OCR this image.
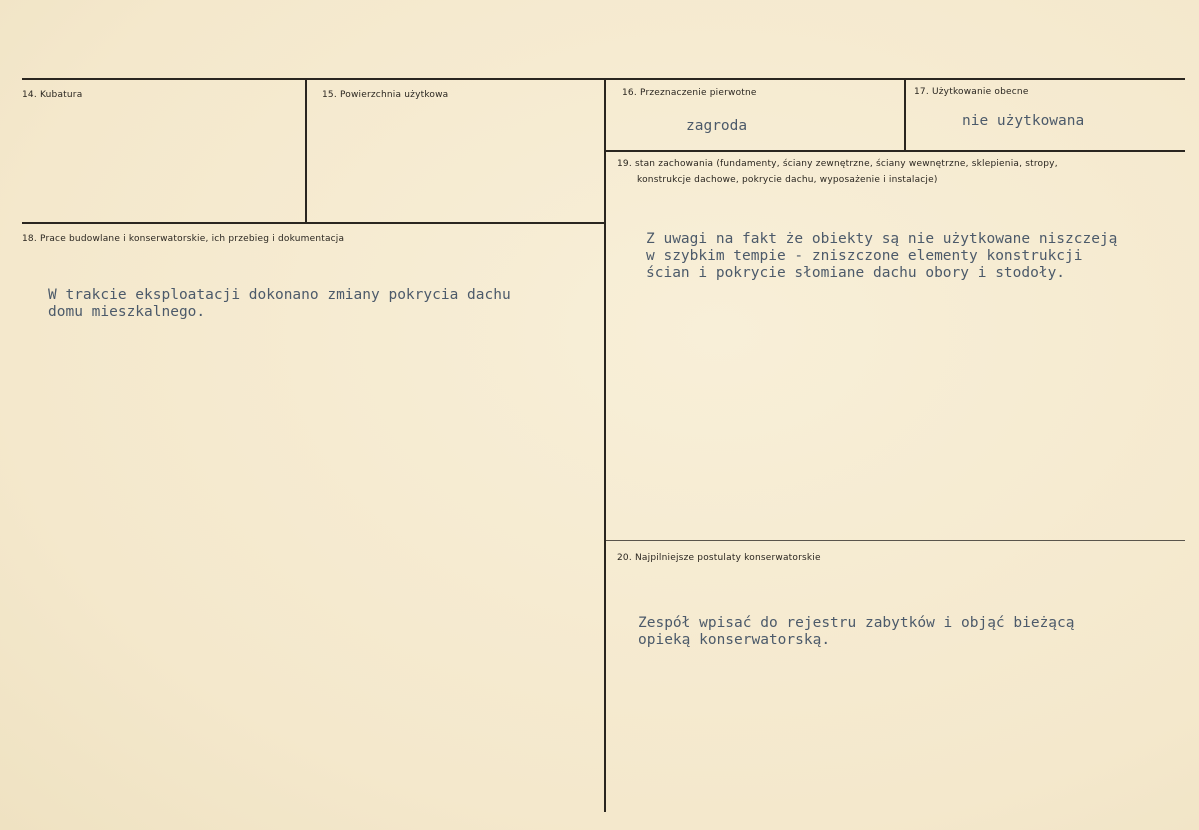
14. Kubatura	15. Powierzchnia użytkowa	16. Przeznaczenie pierwotne
zagroda
17. Użytkowanie obecne
nie użytkowana
18. Prace budowlane i konserwatorskie, ich przebieg i dokumentacja
W trakcie eksploatacji dokonano zmiany pokrycia dachu
domu mieszkalnego.
19. stan zachowania (fundamenty, ściany zewnętrzne, ściany wewnętrzne, sklepienia, stropy,
konstrukcje dachowe, pokrycie dachu, wyposażenie i instalacje)
Z uwagi na fakt że obiekty są nie użytkowane niszczeją
w szybkim tempie - zniszczone elementy konstrukcji
ścian i pokrycie słomiane dachu obory i stodoły.
20. Najpilniejsze postulaty konserwatorskie
Zespół wpisać do rejestru zabytków i objąć bieżącą
opieką konserwatorską.
